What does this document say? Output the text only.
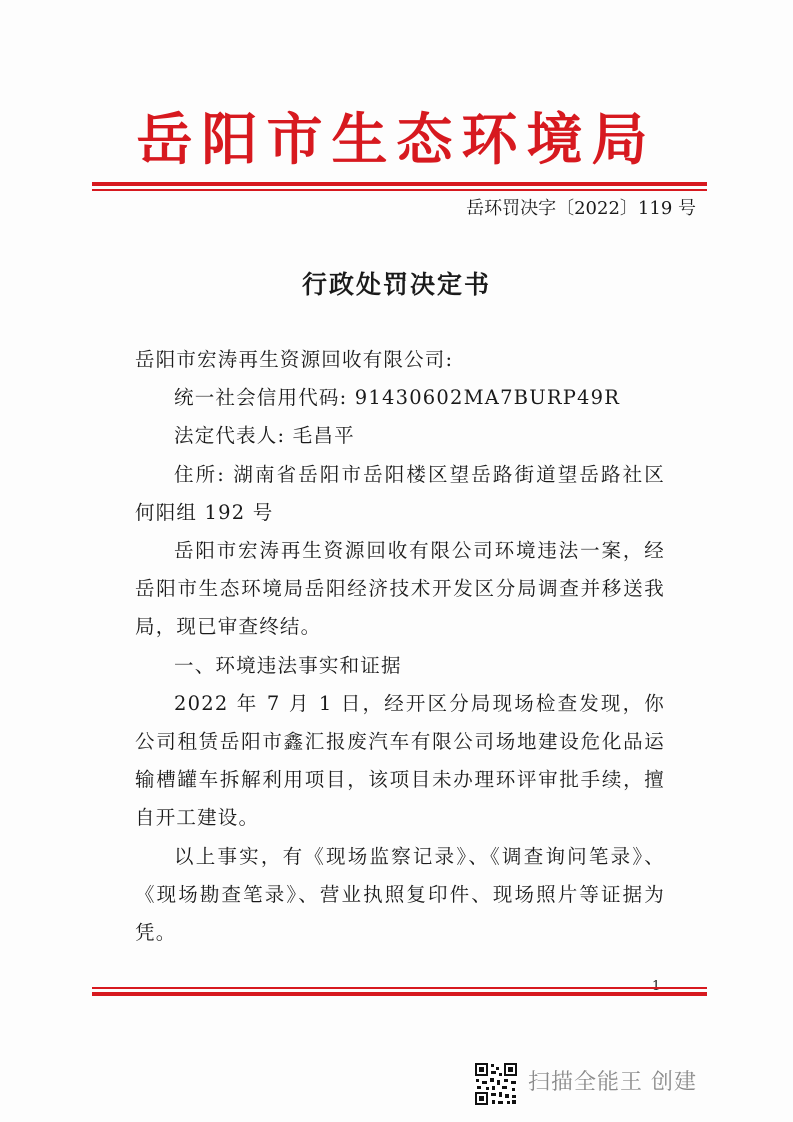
岳阳市生态环境局
岳环罚决字〔2022〕119 号
行政处罚决定书

岳阳市宏涛再生资源回收有限公司:

统一社会信用代码: 91430602MA7BURP49R

法定代表人: 毛昌平

住所: 湖南省岳阳市岳阳楼区望岳路街道望岳路社区何阳组 192 号

岳阳市宏涛再生资源回收有限公司环境违法一案，经岳阳市生态环境局岳阳经济技术开发区分局调查并移送我局，现已审查终结。

一、环境违法事实和证据

2022 年 7 月 1 日，经开区分局现场检查发现，你公司租赁岳阳市鑫汇报废汽车有限公司场地建设危化品运输槽罐车拆解利用项目，该项目未办理环评审批手续，擅自开工建设。

以上事实，有《现场监察记录》、《调查询问笔录》、《现场勘查笔录》、营业执照复印件、现场照片等证据为凭。

扫描全能王 创建
